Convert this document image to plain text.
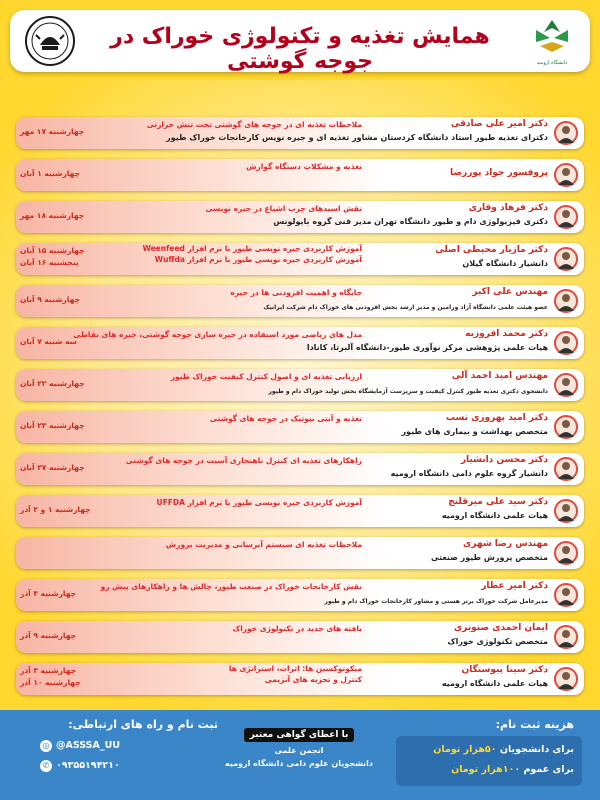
همایش تغذیه و تکنولوژی خوراک در جوجه گوشتی	دانشگاه ارومیه
دکتر امیر علی صادقی
دکترای تغذیه طیور استاد دانشگاه کردستان مشاور تغذیه ای و جیره نویس کارخانجات خوراک طیور
ملاحظات تغذیه ای در جوجه های گوشتی تحت تنش حرارتی
چهارشنبه ۱۷ مهر
پروفسور جواد پوررضا
تغذیه و مشکلات دستگاه گوارش
چهارشنبه ۱ آبان
دکتر فرهاد وقاری
دکتری فیزیولوژی دام و طیور دانشگاه تهران مدیر فنی گروه بایولونس
نقش اسیدهای چرب اشباع در جیره نویسی
چهارشنبه ۱۸ مهر
دکتر مازیار محیطی اصلی
دانشیار دانشگاه گیلان
آموزش کاربردی جیره نویسی طیور با نرم افزار Weenfeed
آموزش کاربردی جیره نویسی طیور با نرم افزار Wuffda
چهارشنبه ۱۵ آبان
پنجشنبه ۱۶ آبان
مهندس علی اکبر
عضو هیئت علمی دانشگاه آزاد ورامین و مدیر ارشد بخش افزودنی های خوراک دام شرکت ایرانیک
جایگاه و اهمیت افزودنی ها در جیره
چهارشنبه ۹ آبان
دکتر محمد افروزیه
هیات علمی پژوهشی مرکز نوآوری طیور-دانشگاه آلبرتا، کانادا
مدل های ریاضی مورد استفاده در جیره سازی جوجه گوشتی، جیره های نقاطی
سه شنبه ۷ آبان
مهندس امید احمد آلی
دانشجوی دکتری تغذیه طیور کنترل کیفیت و سرپرست آزمایشگاه بخش تولید خوراک دام و طیور
ارزیابی تغذیه ای و اصول کنترل کیفیت خوراک طیور
چهارشنبه ۲۲ آبان
دکتر امید بهروزی نسب
متخصص بهداشت و بیماری های طیور
تغذیه و آنتی بیوتیک در جوجه های گوشتی
چهارشنبه ۲۳ آبان
دکتر محسن دانشیار
دانشیار گروه علوم دامی دانشگاه ارومیه
راهکارهای تغذیه ای کنترل ناهنجاری آسیت در جوجه های گوشتی
چهارشنبه ۲۷ آبان
دکتر سید علی میرقلنج
هیات علمی دانشگاه ارومیه
آموزش کاربردی جیره نویسی طیور با نرم افزار UFFDA
چهارشنبه ۱ و ۲ آذر
مهندس رضا شهری
متخصص پرورش طیور صنعتی
ملاحظات تغذیه ای سیستم آبرسانی و مدیریت پرورش
دکتر امیر عطار
مدیرعامل شرکت خوراک برتر هستی و مشاور کارخانجات خوراک دام و طیور
نقش کارخانجات خوراک در صنعت طیور، چالش ها و راهکارهای پیش رو
چهارشنبه ۴ آذر
ایمان احمدی صنوبری
متخصص تکنولوژی خوراک
یافته های جدید در تکنولوژی خوراک
چهارشنبه ۹ آذر
دکتر سینا پیوستگان
هیات علمی دانشگاه ارومیه
میکوتوکسین ها: اثرات، استراتژی ها
کنترل و تجزیه های آنزیمی
چهارشنبه ۳ آذر
چهارشنبه ۱۰ آذر
هزینه ثبت نام:
برای دانشجویان ۵۰هزار تومان
برای عموم ۱۰۰هزار تومان
با اعطای گواهی معتبر
انجمن علمی
دانشجویان علوم دامی دانشگاه ارومیه
ثبت نام و راه های ارتباطی:
◎ @ASSSA_UU
✆ ۰۹۳۵۵۱۹۴۲۱۰
